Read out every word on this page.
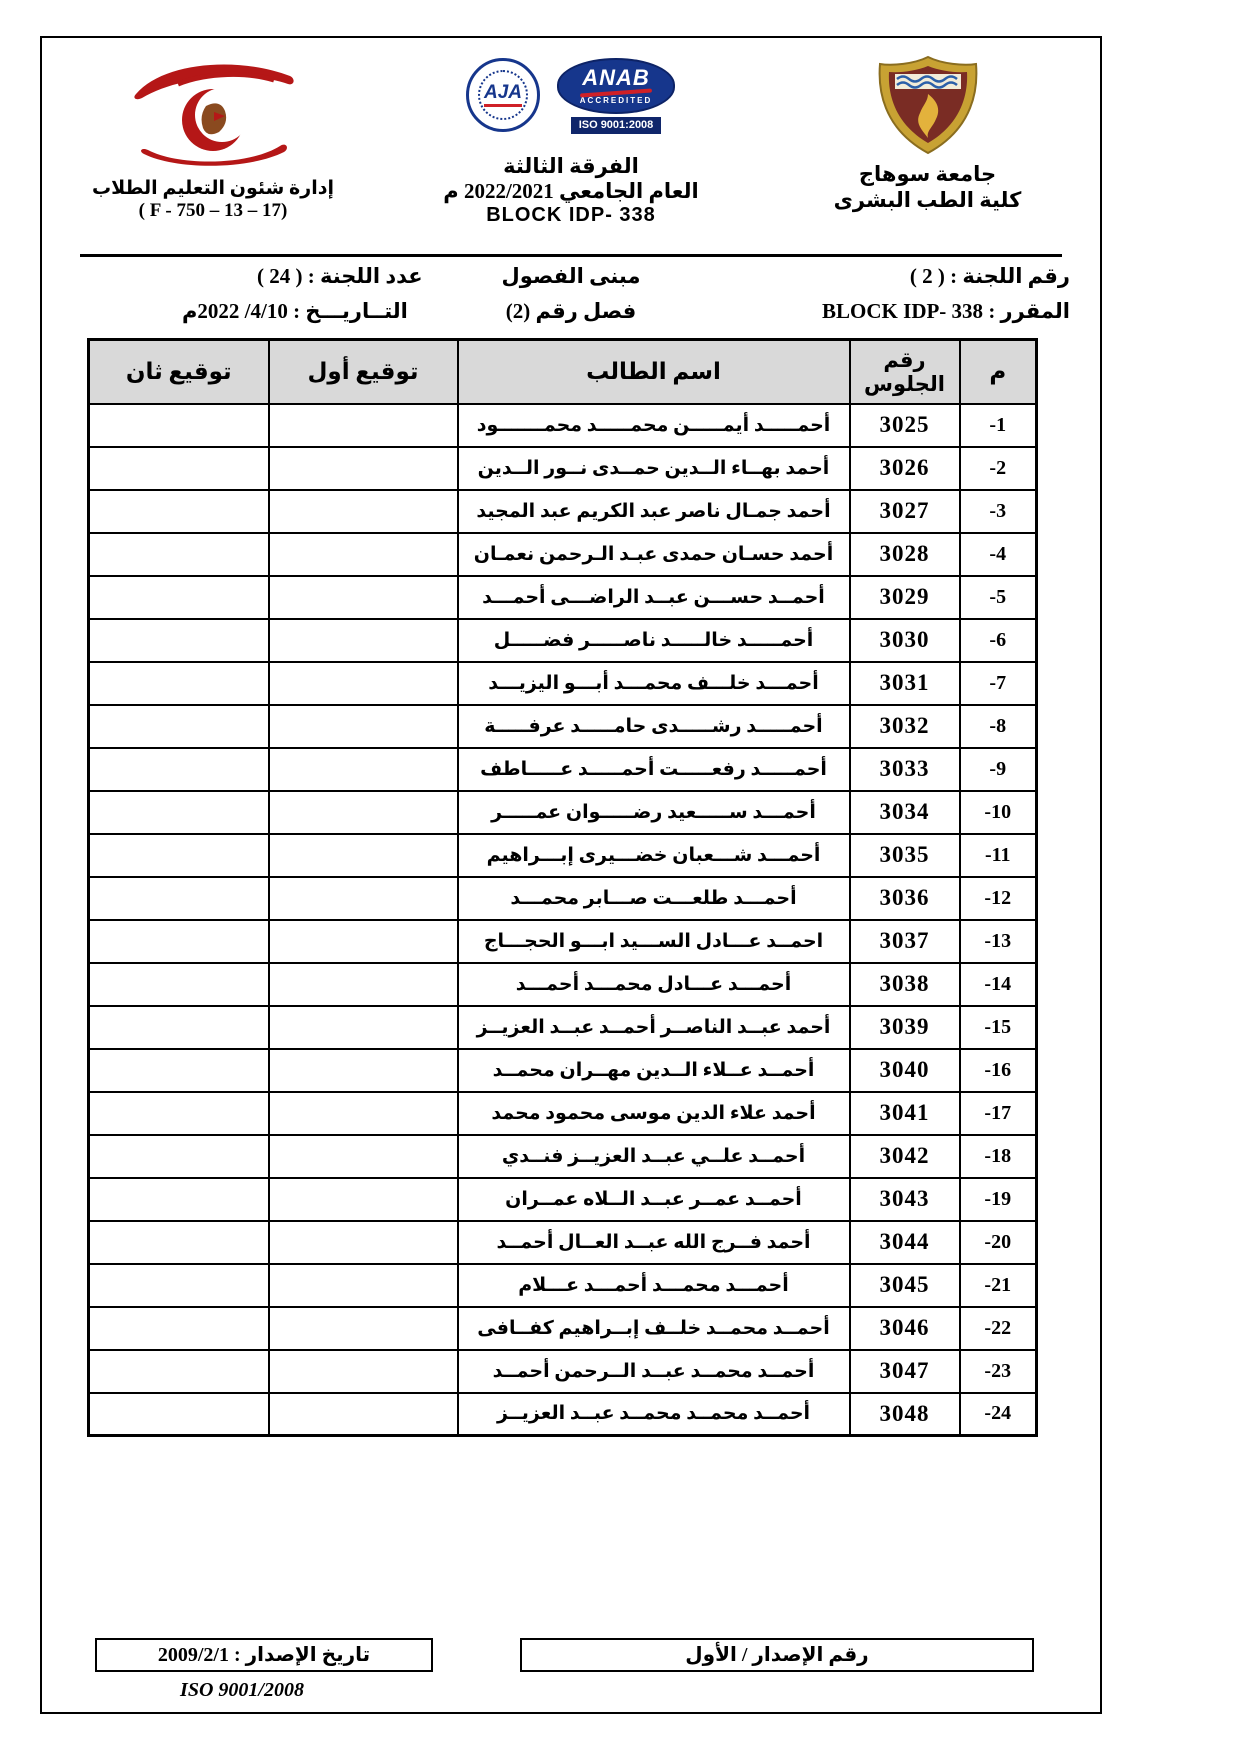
إدارة شئون التعليم الطلاب
( F - 750 – 13 – 17)
ANAB
ACCREDITED
ISO 9001:2008
AJA
الفرقة الثالثة
العام الجامعي 2022/2021 م
BLOCK IDP- 338
جامعة سوهاج
كلية الطب البشرى
رقم اللجنة : ( 2 )
مبنى الفصول
عدد اللجنة : ( 24 )
المقرر : BLOCK IDP- 338
فصل رقم (2)
التــاريـــخ : 4/10/ 2022م
م	رقم الجلوس	اسم الطالب	توقيع أول	توقيع ثان
-1	3025	أحمـــــد أيمـــــن محمـــــد محمـــــــود		
-2	3026	أحمد بهــاء الــدين حمــدى نــور الــدين		
-3	3027	أحمد جمـال ناصر عبد الكريم عبد المجيد		
-4	3028	أحمد حسـان حمدى عبـد الـرحمن نعمـان		
-5	3029	أحمــد حســـن عبــد الراضـــى أحمـــد		
-6	3030	أحمـــــد خالـــــد ناصـــــر فضـــــل		
-7	3031	أحمـــد خلـــف محمـــد أبـــو اليزيـــد		
-8	3032	أحمـــــد رشـــــدى حامـــــد عرفـــــة		
-9	3033	أحمـــــد رفعـــــت أحمـــــد عـــــاطف		
-10	3034	أحمـــد ســـــعيد رضـــــوان عمـــــر		
-11	3035	أحمـــد شـــعبان خضـــيرى إبـــراهيم		
-12	3036	أحمـــد طلعـــت صـــابر محمـــد		
-13	3037	احمــد عـــادل الســـيد ابـــو الحجـــاج		
-14	3038	أحمـــد عـــادل محمـــد أحمـــد		
-15	3039	أحمد عبــد الناصــر أحمــد عبــد العزيــز		
-16	3040	أحمــد عــلاء الــدين مهــران محمــد		
-17	3041	أحمد علاء الدين موسى محمود محمد		
-18	3042	أحمــد علــي عبــد العزيــز فنــدي		
-19	3043	أحمــد عمــر عبــد الــلاه عمــران		
-20	3044	أحمد فــرج الله عبــد العــال أحمــد		
-21	3045	أحمـــد محمـــد أحمـــد عـــلام		
-22	3046	أحمــد محمــد خلــف إبــراهيم كفــافى		
-23	3047	أحمــد محمــد عبــد الــرحمن أحمــد		
-24	3048	أحمــد محمــد محمــد عبــد العزيــز		
رقم الإصدار / الأول
تاريخ الإصدار : 2009/2/1
ISO 9001/2008
